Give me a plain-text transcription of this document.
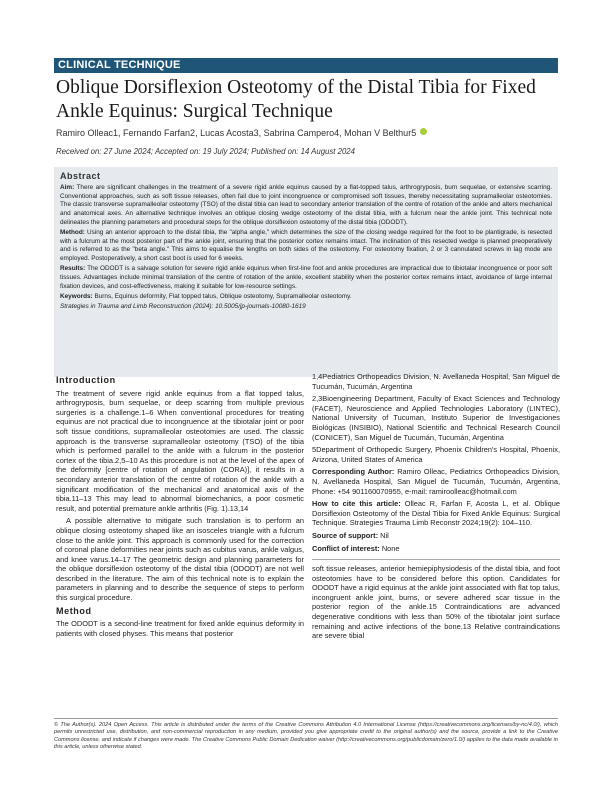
CLINICAL TECHNIQUE
Oblique Dorsiflexion Osteotomy of the Distal Tibia for Fixed Ankle Equinus: Surgical Technique
Ramiro Olleac1, Fernando Farfan2, Lucas Acosta3, Sabrina Campero4, Mohan V Belthur5
Received on: 27 June 2024; Accepted on: 19 July 2024; Published on: 14 August 2024
Abstract

Aim: There are significant challenges in the treatment of a severe rigid ankle equinus caused by a flat-topped talus, arthrogryposis, burn sequelae, or extensive scarring. Conventional approaches, such as soft tissue releases, often fail due to joint incongruence or compromised soft tissues, thereby necessitating supramalleolar osteotomies. The classic transverse supramalleolar osteotomy (TSO) of the distal tibia can lead to secondary anterior translation of the centre of rotation of the ankle and alters mechanical and anatomical axes. An alternative technique involves an oblique closing wedge osteotomy of the distal tibia, with a fulcrum near the ankle joint. This technical note delineates the planning parameters and procedural steps for the oblique dorsiflexion osteotomy of the distal tibia (ODODT).

Method: Using an anterior approach to the distal tibia, the "alpha angle," which determines the size of the closing wedge required for the foot to be plantigrade, is resected with a fulcrum at the most posterior part of the ankle joint, ensuring that the posterior cortex remains intact. The inclination of this resected wedge is planned preoperatively and is referred to as the "beta angle." This aims to equalise the lengths on both sides of the osteotomy. For osteotomy fixation, 2 or 3 cannulated screws in lag mode are employed. Postoperatively, a short cast boot is used for 6 weeks.

Results: The ODODT is a salvage solution for severe rigid ankle equinus when first-line foot and ankle procedures are impractical due to tibiotalar incongruence or poor soft tissues. Advantages include minimal translation of the centre of rotation of the ankle, excellent stability when the posterior cortex remains intact, avoidance of large internal fixation devices, and cost-effectiveness, making it suitable for low-resource settings.

Keywords: Burns, Equinus deformity, Flat topped talus, Oblique osteotomy, Supramalleolar osteotomy.

Strategies in Trauma and Limb Reconstruction (2024): 10.5005/jp-journals-10080-1619

Introduction

The treatment of severe rigid ankle equinus from a flat topped talus, arthrogryposis, burn sequelae, or deep scarring from multiple previous surgeries is a challenge.1–6 When conventional procedures for treating equinus are not practical due to incongruence at the tibiotalar joint or poor soft tissue conditions, supramalleolar osteotomies are used. The classic approach is the transverse supramalleolar osteotomy (TSO) of the tibia which is performed parallel to the ankle with a fulcrum in the posterior cortex of the tibia.2,5–10 As this procedure is not at the level of the apex of the deformity [centre of rotation of angulation (CORA)], it results in a secondary anterior translation of the centre of rotation of the ankle with a significant modification of the mechanical and anatomical axis of the tibia.11–13 This may lead to abnormal biomechanics, a poor cosmetic result, and potential premature ankle arthritis (Fig. 1).13,14

A possible alternative to mitigate such translation is to perform an oblique closing osteotomy shaped like an isosceles triangle with a fulcrum close to the ankle joint. This approach is commonly used for the correction of coronal plane deformities near joints such as cubitus varus, ankle valgus, and knee varus.14–17 The geometric design and planning parameters for the oblique dorsiflexion osteotomy of the distal tibia (ODODT) are not well described in the literature. The aim of this technical note is to explain the parameters in planning and to describe the sequence of steps to perform this surgical procedure.

Method

The ODODT is a second-line treatment for fixed ankle equinus deformity in patients with closed physes. This means that posterior

1,4Pediatrics Orthopeadics Division, N. Avellaneda Hospital, San Miguel de Tucumán, Tucumán, Argentina

2,3Bioengineering Department, Faculty of Exact Sciences and Technology (FACET), Neuroscience and Applied Technologies Laboratory (LINTEC), National University of Tucuman, Instituto Superior de Investigaciones Biológicas (INSIBIO), National Scientific and Technical Research Council (CONICET), San Miguel de Tucumán, Tucumán, Argentina

5Department of Orthopedic Surgery, Phoenix Children's Hospital, Phoenix, Arizona, United States of America

Corresponding Author: Ramiro Olleac, Pediatrics Orthopeadics Division, N. Avellaneda Hospital, San Miguel de Tucumán, Tucumán, Argentina, Phone: +54 901160070955, e-mail: ramiroolleac@hotmail.com

How to cite this article: Olleac R, Farfan F, Acosta L, et al. Oblique Dorsiflexion Osteotomy of the Distal Tibia for Fixed Ankle Equinus: Surgical Technique. Strategies Trauma Limb Reconstr 2024;19(2): 104–110.

Source of support: Nil

Conflict of interest: None

soft tissue releases, anterior hemiepiphysiodesis of the distal tibia, and foot osteotomies have to be considered before this option. Candidates for ODODT have a rigid equinus at the ankle joint associated with flat top talus, incongruent ankle joint, burns, or severe adhered scar tissue in the posterior region of the ankle.15 Contraindications are advanced degenerative conditions with less than 50% of the tibiotalar joint surface remaining and active infections of the bone.13 Relative contraindications are severe tibial

© The Author(s). 2024 Open Access. This article is distributed under the terms of the Creative Commons Attribution 4.0 International License (https://creativecommons.org/licenses/by-nc/4.0/), which permits unrestricted use, distribution, and non-commercial reproduction in any medium, provided you give appropriate credit to the original author(s) and the source, provide a link to the Creative Commons license, and indicate if changes were made. The Creative Commons Public Domain Dedication waiver (http://creativecommons.org/publicdomain/zero/1.0/) applies to the data made available in this article, unless otherwise stated.
